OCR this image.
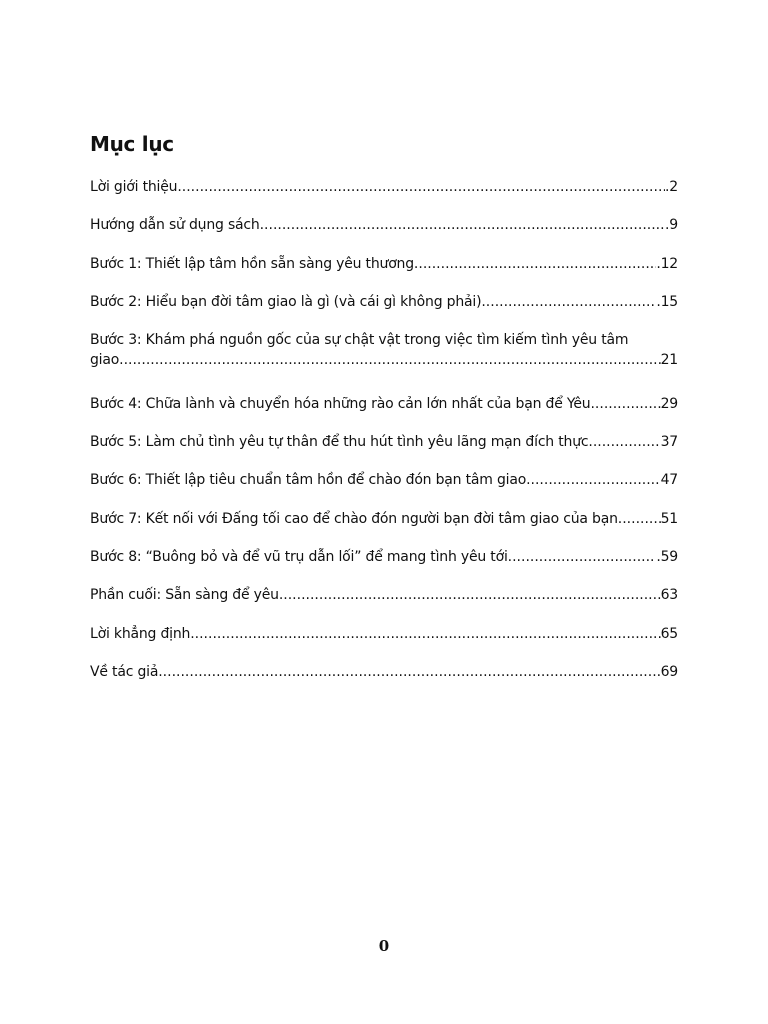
Mục lục
Lời giới thiệu .....	.2
Hướng dẫn sử dụng sách .....	.9
Bước 1: Thiết lập tâm hồn sẵn sàng yêu thương .....	.12
Bước 2: Hiểu bạn đời tâm giao là gì (và cái gì không phải) .....	.15
Bước 3: Khám phá nguồn gốc của sự chật vật trong việc tìm kiếm tình yêu tâm
giao .....	21
Bước 4: Chữa lành và chuyển hóa những rào cản lớn nhất của bạn để Yêu .....	29
Bước 5: Làm chủ tình yêu tự thân để thu hút tình yêu lãng mạn đích thực .....	37
Bước 6: Thiết lập tiêu chuẩn tâm hồn để chào đón bạn tâm giao .....	47
Bước 7: Kết nối với Đấng tối cao để chào đón người bạn đời tâm giao của bạn .....	51
Bước 8: “Buông bỏ và để vũ trụ dẫn lối” để mang tình yêu tới .....	.59
Phần cuối: Sẵn sàng để yêu .....	63
Lời khẳng định .....	65
Về tác giả .....	69
0
